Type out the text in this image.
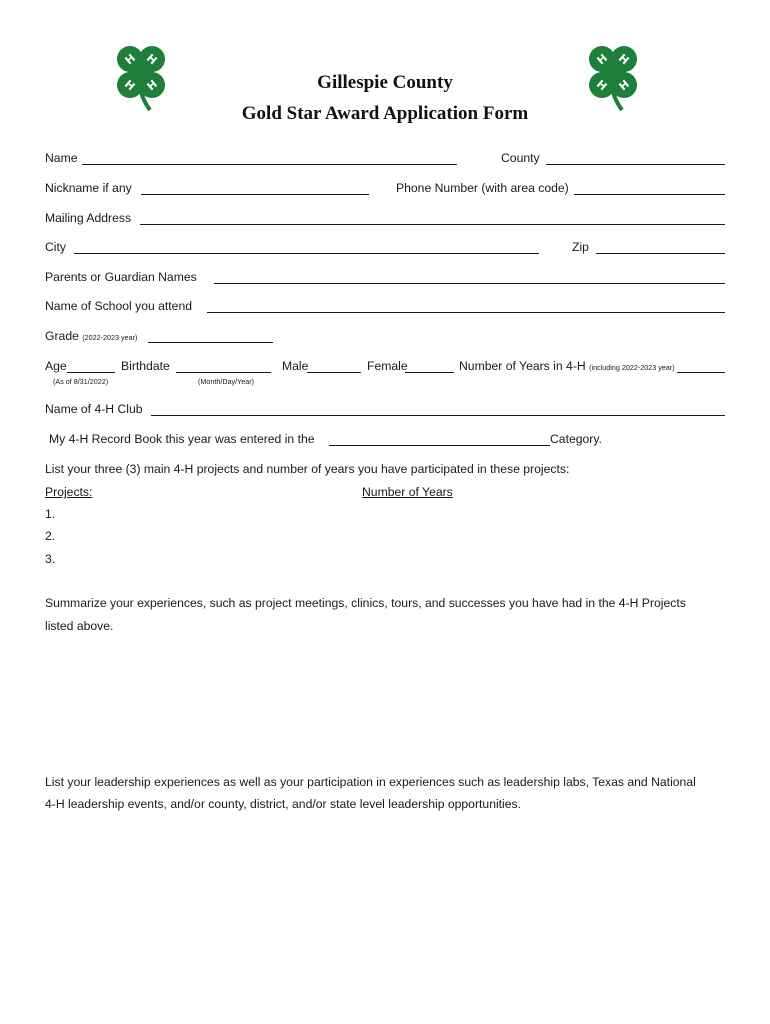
H H
H H
H H
H H
Gillespie County
Gold Star Award Application Form
Name	County
Nickname if any	Phone Number (with area code)
Mailing Address
City	Zip
Parents or Guardian Names
Name of School you attend
Grade (2022-2023 year)
Age
(As of 8/31/2022)
Birthdate
(Month/Day/Year)
Male	Female	Number of Years in 4-H (including 2022-2023 year)
Name of 4-H Club
My 4-H Record Book this year was entered in the	Category.
List your three (3) main 4-H projects and number of years you have participated in these projects:
Projects:	Number of Years
1.
2.
3.
Summarize your experiences, such as project meetings, clinics, tours, and successes you have had in the 4-H Projects
listed above.
List your leadership experiences as well as your participation in experiences such as leadership labs, Texas and National
4-H leadership events, and/or county, district, and/or state level leadership opportunities.
